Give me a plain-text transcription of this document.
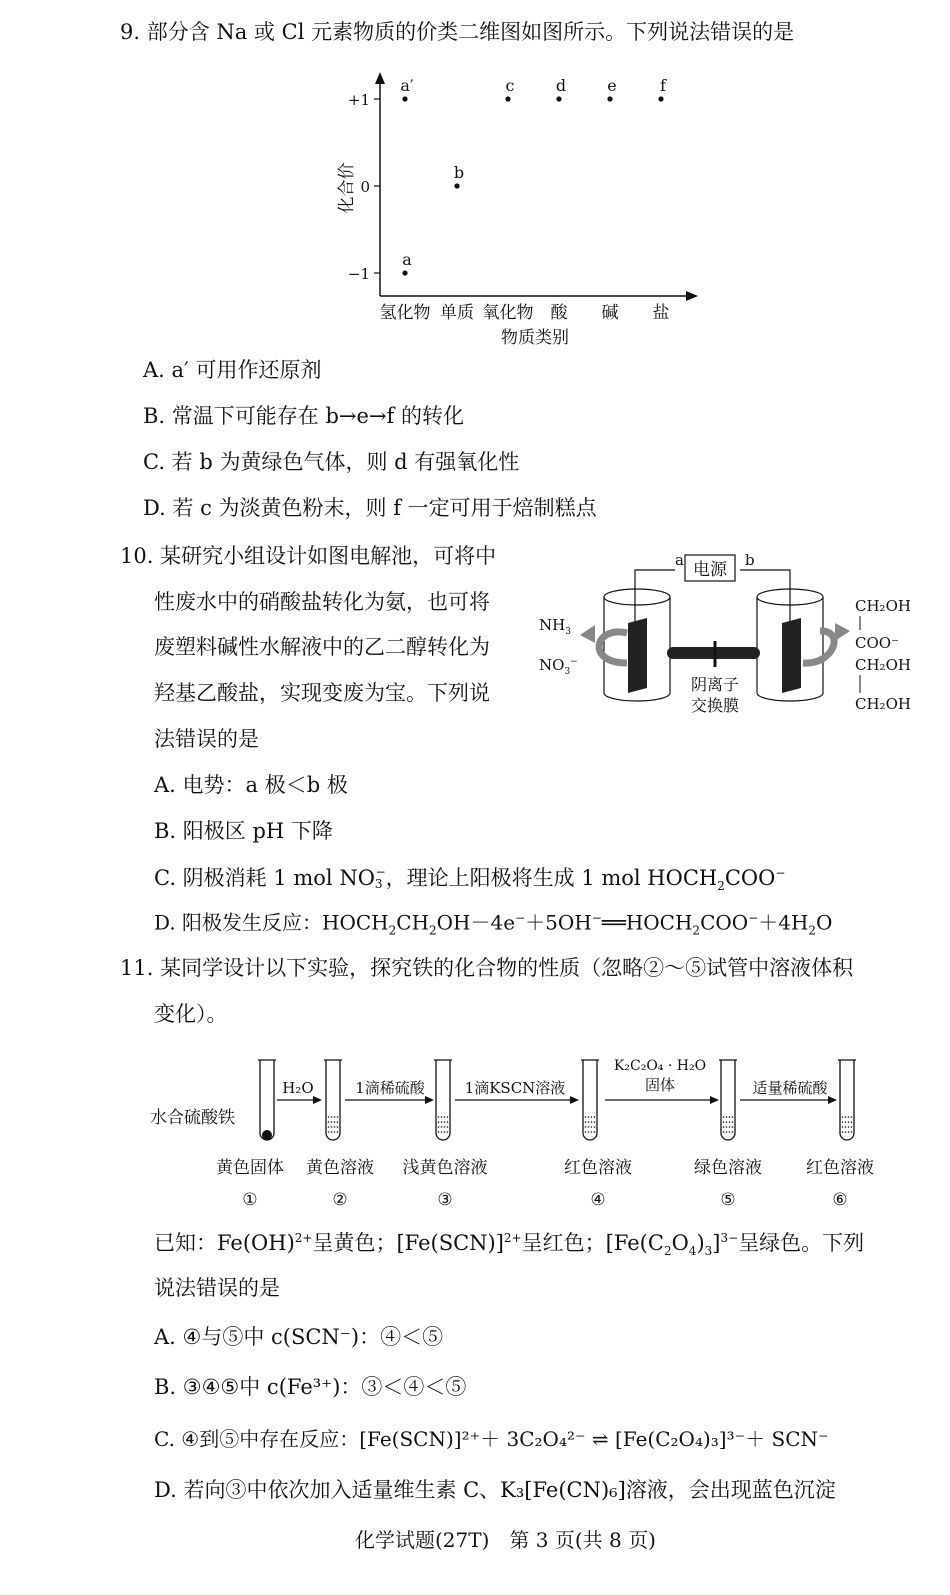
9. 部分含 Na 或 Cl 元素物质的价类二维图如图所示。下列说法错误的是
+1
0
−1
氢化物 单质 氧化物 酸 碱 盐
a′
a
b
c	d	e	f
化合价
物质类别
A. a′ 可用作还原剂
B. 常温下可能存在 b→e→f 的转化
C. 若 b 为黄绿色气体，则 d 有强氧化性
D. 若 c 为淡黄色粉末，则 f 一定可用于焙制糕点
10. 某研究小组设计如图电解池，可将中
性废水中的硝酸盐转化为氨，也可将
废塑料碱性水解液中的乙二醇转化为
羟基乙酸盐，实现变废为宝。下列说
法错误的是
电源
a	b
阴离子
交换膜
$NH_3$
$NO_3^-$
CH₂OH
COO⁻
CH₂OH
CH₂OH
A. 电势：a 极＜b 极
B. 阳极区 pH 下降
C. 阴极消耗 1 mol $NO_3^-$，理论上阳极将生成 1 mol $HOCH_2COO^-$
D. 阳极发生反应：$HOCH_2CH_2OH-4e^-+5OH^-══HOCH_2COO^-+4H_2O$
11. 某同学设计以下实验，探究铁的化合物的性质（忽略②～⑤试管中溶液体积
变化）。
水合硫酸铁
H₂O	1滴稀硫酸	1滴KSCN溶液
K₂C₂O₄ · H₂O
固体	适量稀硫酸
黄色固体 黄色溶液 浅黄色溶液	红色溶液	绿色溶液	红色溶液
①	②	③	④	⑤	⑥
已知：Fe(OH)$^{2+}$呈黄色；$[Fe(SCN)]^{2+}$呈红色；$[Fe(C_2O_4)_3]^{3-}$呈绿色。下列
说法错误的是
A. ④与⑤中 c(SCN⁻)：④＜⑤
B. ③④⑤中 c(Fe³⁺)：③＜④＜⑤
C. ④到⑤中存在反应：[Fe(SCN)]²⁺＋ 3C₂O₄²⁻ ⇌ [Fe(C₂O₄)₃]³⁻＋ SCN⁻
D. 若向③中依次加入适量维生素 C、K₃[Fe(CN)₆]溶液，会出现蓝色沉淀
化学试题(27T)　第 3 页(共 8 页)
